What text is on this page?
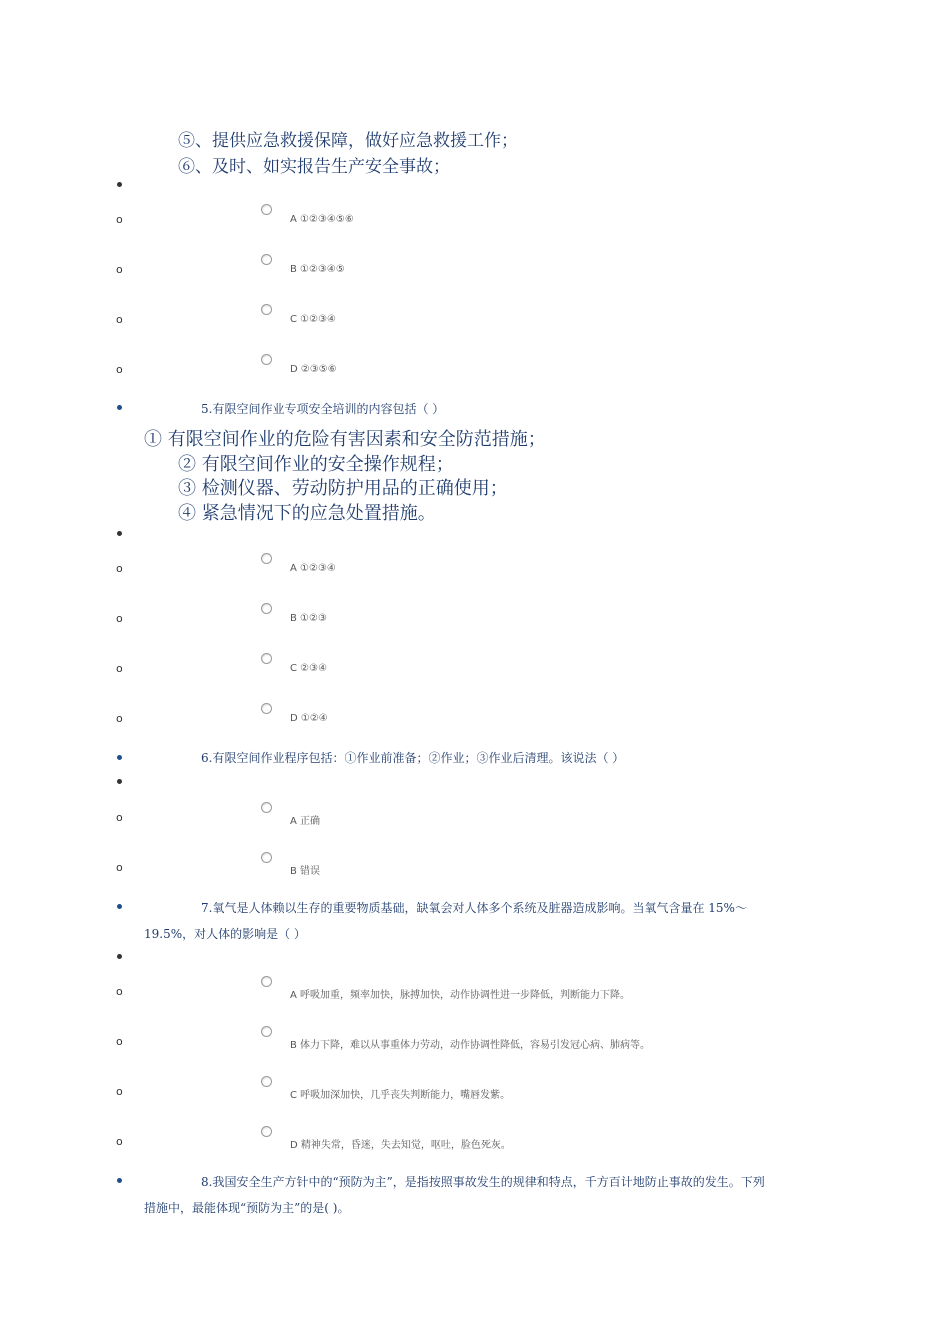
⑤、提供应急救援保障，做好应急救援工作；
⑥、及时、如实报告生产安全事故；
o	A ①②③④⑤⑥
o	B ①②③④⑤
o	C ①②③④
o	D ②③⑤⑥
5.有限空间作业专项安全培训的内容包括（ ）
① 有限空间作业的危险有害因素和安全防范措施；
② 有限空间作业的安全操作规程；
③ 检测仪器、劳动防护用品的正确使用；
④ 紧急情况下的应急处置措施。
o	A ①②③④
o	B ①②③
o	C ②③④
o	D ①②④
6.有限空间作业程序包括：①作业前准备；②作业；③作业后清理。该说法（ ）
o	A 正确
o	B 错误
7.氧气是人体赖以生存的重要物质基础，缺氧会对人体多个系统及脏器造成影响。当氧气含量在 15%～
19.5%，对人体的影响是（ ）
o	A 呼吸加重，频率加快，脉搏加快，动作协调性进一步降低，判断能力下降。
o	B 体力下降，难以从事重体力劳动，动作协调性降低，容易引发冠心病、肺病等。
o	C 呼吸加深加快，几乎丧失判断能力，嘴唇发紫。
o	D 精神失常，昏迷，失去知觉，呕吐，脸色死灰。
8.我国安全生产方针中的“预防为主”，是指按照事故发生的规律和特点，千方百计地防止事故的发生。下列
措施中，最能体现“预防为主”的是( )。
